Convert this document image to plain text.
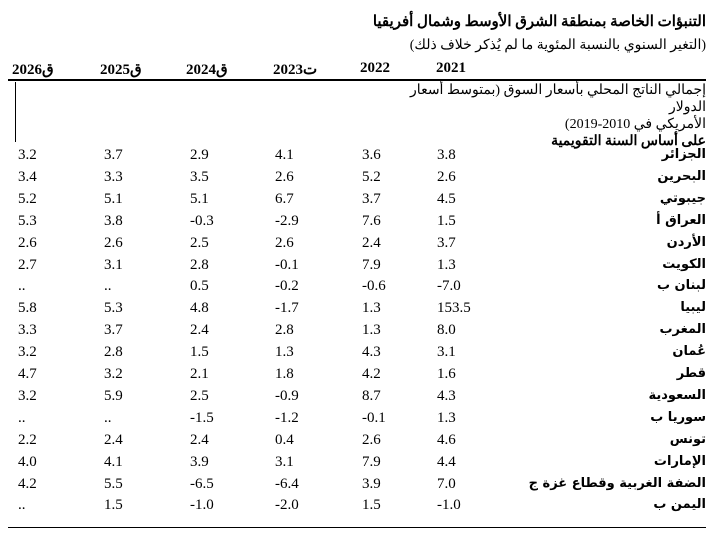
التنبؤات الخاصة بمنطقة الشرق الأوسط وشمال أفريقيا
(التغير السنوي بالنسبة المئوية ما لم يُذكر خلاف ذلك)
2026ق	2025ق	2024ق	2023ت	2022	2021
إجمالي الناتج المحلي بأسعار السوق (بمتوسط أسعار الدولار
الأمريكي في 2010-2019)
على أساس السنة التقويمية
3.2	3.7	2.9	4.1	3.6	3.8	الجزائر
3.4	3.3	3.5	2.6	5.2	2.6	البحرين
5.2	5.1	5.1	6.7	3.7	4.5	جيبوتي
5.3	3.8	-0.3	-2.9	7.6	1.5	العراق أ
2.6	2.6	2.5	2.6	2.4	3.7	الأردن
2.7	3.1	2.8	-0.1	7.9	1.3	الكويت
..	..	0.5	-0.2	-0.6	-7.0	لبنان ب
5.8	5.3	4.8	-1.7	1.3	153.5	ليبيا
3.3	3.7	2.4	2.8	1.3	8.0	المغرب
3.2	2.8	1.5	1.3	4.3	3.1	عُمان
4.7	3.2	2.1	1.8	4.2	1.6	قطر
3.2	5.9	2.5	-0.9	8.7	4.3	السعودية
..	..	-1.5	-1.2	-0.1	1.3	سوريا ب
2.2	2.4	2.4	0.4	2.6	4.6	تونس
4.0	4.1	3.9	3.1	7.9	4.4	الإمارات
4.2	5.5	-6.5	-6.4	3.9	7.0	الضفة الغربية وقطاع غزة ج
..	1.5	-1.0	-2.0	1.5	-1.0	اليمن ب
